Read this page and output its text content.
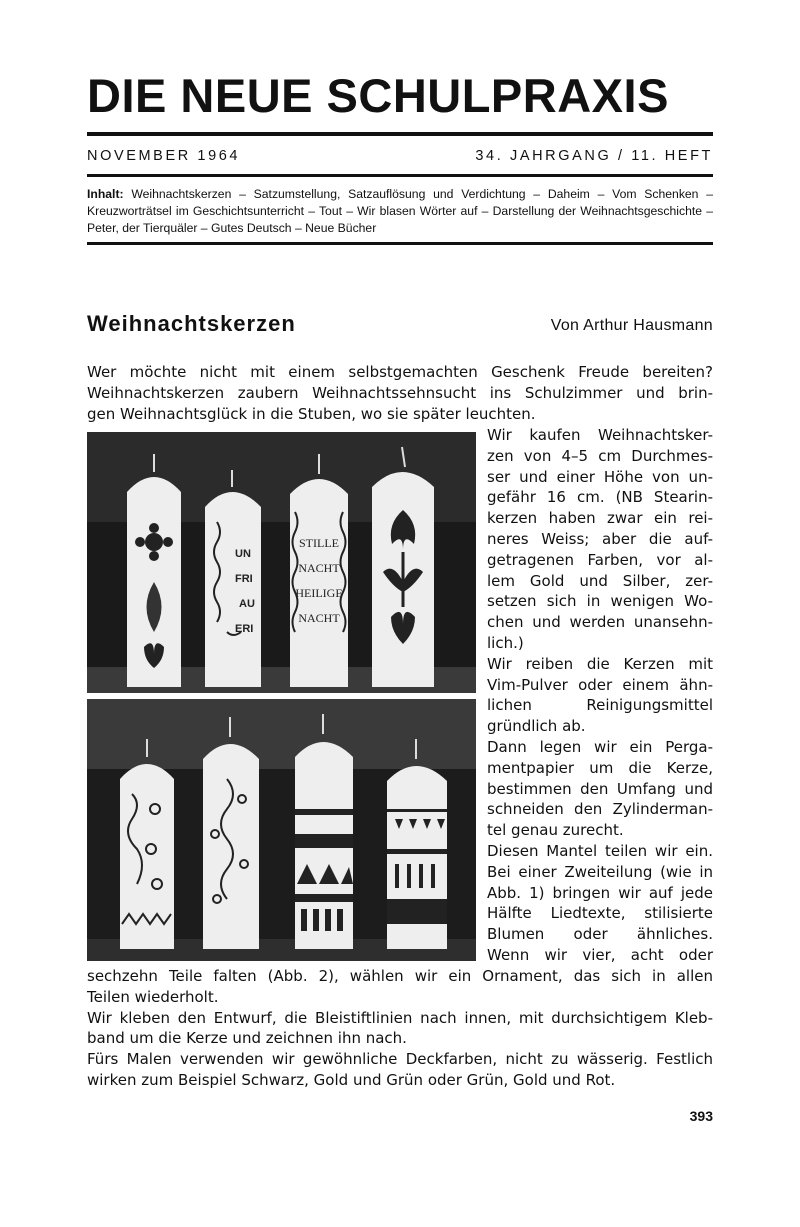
DIE NEUE SCHULPRAXIS
NOVEMBER 1964	34. JAHRGANG / 11. HEFT
Inhalt: Weihnachtskerzen – Satzumstellung, Satzauflösung und Verdichtung – Daheim – Vom Schenken – Kreuzworträtsel im Geschichtsunterricht – Tout – Wir blasen Wörter auf – Darstellung der Weihnachtsgeschichte – Peter, der Tierquäler – Gutes Deutsch – Neue Bücher
Weihnachtskerzen	Von Arthur Hausmann

Wer möchte nicht mit einem selbstgemachten Geschenk Freude bereiten?

Weihnachtskerzen zaubern Weihnachtssehnsucht ins Schulzimmer und brin-

gen Weihnachtsglück in die Stuben, wo sie später leuchten.

UN
FRI
AU
ERI
STILLE
NACHT
HEILIGE
NACHT

Wir kaufen Weihnachtsker-

zen von 4–5 cm Durchmes-

ser und einer Höhe von un-

gefähr 16 cm. (NB Stearin-

kerzen haben zwar ein rei-

neres Weiss; aber die auf-

getragenen Farben, vor al-

lem Gold und Silber, zer-

setzen sich in wenigen Wo-

chen und werden unansehn-

lich.)

Wir reiben die Kerzen mit

Vim-Pulver oder einem ähn-

lichen Reinigungsmittel

gründlich ab.

Dann legen wir ein Perga-

mentpapier um die Kerze,

bestimmen den Umfang und

schneiden den Zylinderman-

tel genau zurecht.

Diesen Mantel teilen wir ein.

Bei einer Zweiteilung (wie in

Abb. 1) bringen wir auf jede

Hälfte Liedtexte, stilisierte

Blumen oder ähnliches.

Wenn wir vier, acht oder

sechzehn Teile falten (Abb. 2), wählen wir ein Ornament, das sich in allen

Teilen wiederholt.

Wir kleben den Entwurf, die Bleistiftlinien nach innen, mit durchsichtigem Kleb-

band um die Kerze und zeichnen ihn nach.

Fürs Malen verwenden wir gewöhnliche Deckfarben, nicht zu wässerig. Festlich

wirken zum Beispiel Schwarz, Gold und Grün oder Grün, Gold und Rot.

393
